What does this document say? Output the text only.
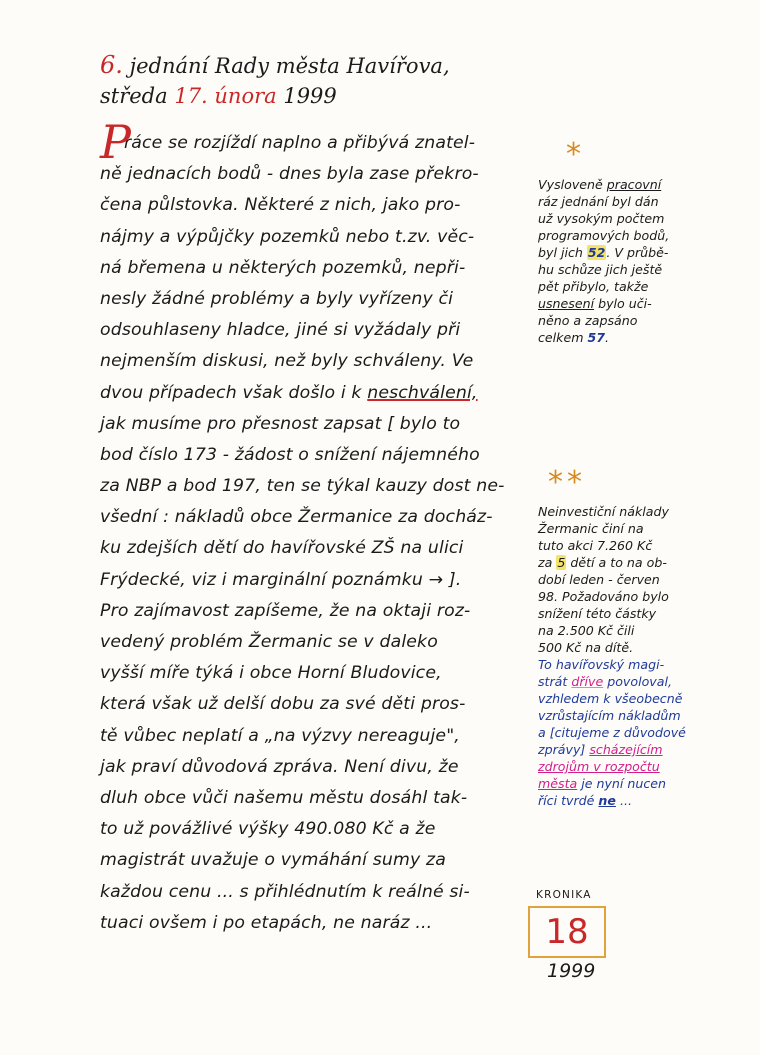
6. jednání Rady města Havířova,
středa 17. února 1999
P
ráce se rozjíždí naplno a přibývá znatel-
ně jednacích bodů - dnes byla zase překro-
čena půlstovka. Některé z nich, jako pro-
nájmy a výpůjčky pozemků nebo t.zv. věc-
ná břemena u některých pozemků, nepři-
nesly žádné problémy a byly vyřízeny či
odsouhlaseny hladce, jiné si vyžádaly při
nejmenším diskusi, než byly schváleny. Ve
dvou případech však došlo i k neschválení,
jak musíme pro přesnost zapsat [ bylo to
bod číslo 173 - žádost o snížení nájemného
za NBP a bod 197, ten se týkal kauzy dost ne-
všední : nákladů obce Žermanice za docház-
ku zdejších dětí do havířovské ZŠ na ulici
Frýdecké, viz i marginální poznámku → ].
Pro zajímavost zapíšeme, že na oktaji roz-
vedený problém Žermanic se v daleko
vyšší míře týká i obce Horní Bludovice,
která však už delší dobu za své děti pros-
tě vůbec neplatí a „na výzvy nereaguje",
jak praví důvodová zpráva. Není divu, že
dluh obce vůči našemu městu dosáhl tak-
to už povážlivé výšky 490.080 Kč a že
magistrát uvažuje o vymáhání sumy za
každou cenu ... s přihlédnutím k reálné si-
tuaci ovšem i po etapách, ne naráz ...
*
Vysloveně pracovní
ráz jednání byl dán
už vysokým počtem
programových bodů,
byl jich 52. V průbě-
hu schůze jich ještě
pět přibylo, takže
usnesení bylo uči-
něno a zapsáno
celkem 57.
**
Neinvestiční náklady
Žermanic činí na
tuto akci 7.260 Kč
za 5 dětí a to na ob-
dobí leden - červen
98. Požadováno bylo
snížení této částky
na 2.500 Kč čili
500 Kč na dítě.
To havířovský magi-
strát dříve povoloval,
vzhledem k všeobecně
vzrůstajícím nákladům
a [citujeme z důvodové
zprávy] scházejícím
zdrojům v rozpočtu
města je nyní nucen
říci tvrdé ne ...
KRONIKA
18
1999
